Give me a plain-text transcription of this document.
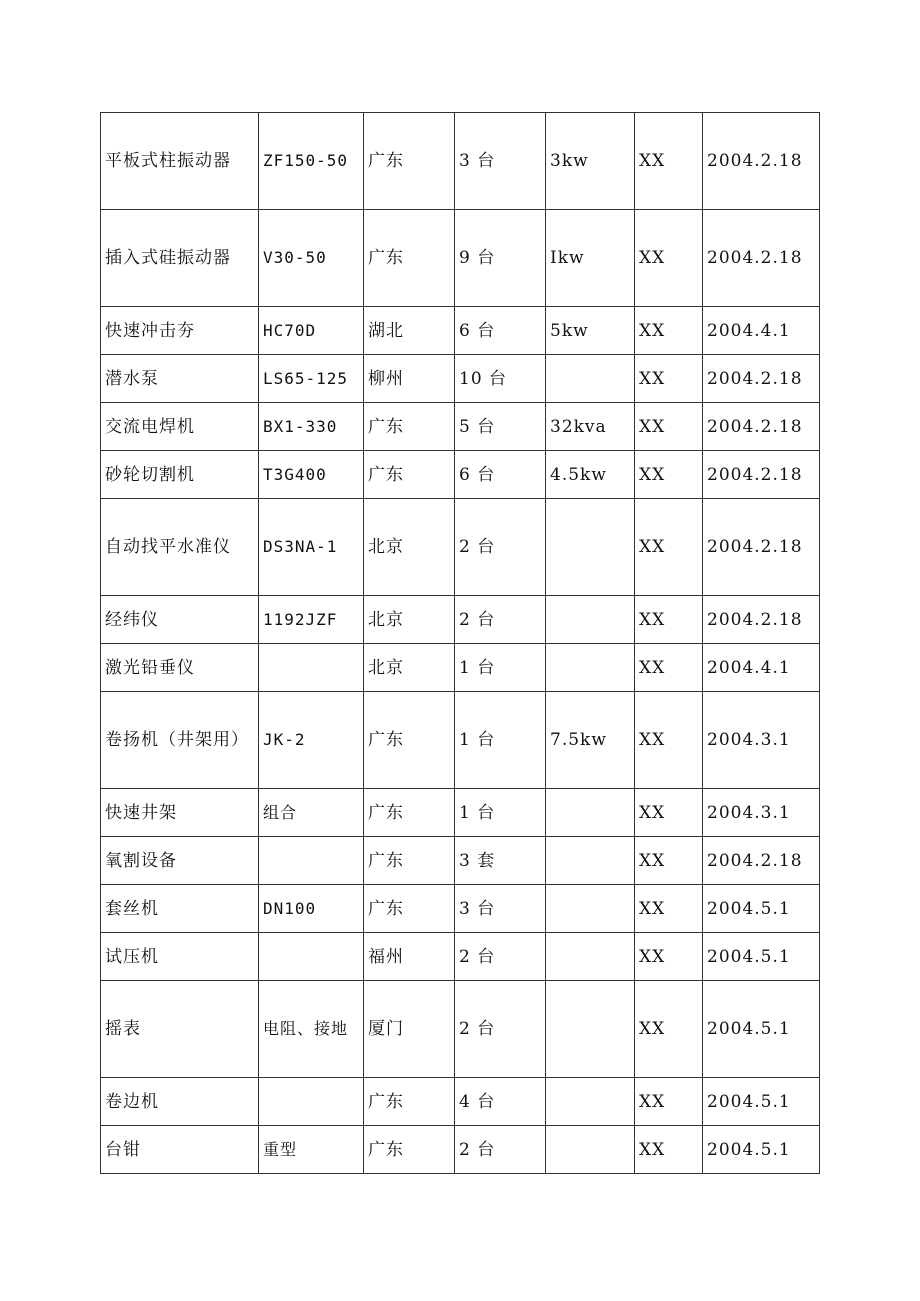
平板式柱振动器	ZF150-50	广东	3 台	3kw	XX	2004.2.18
插入式硅振动器	V30-50	广东	9 台	Ikw	XX	2004.2.18
快速冲击夯	HC70D	湖北	6 台	5kw	XX	2004.4.1
潜水泵	LS65-125	柳州	10 台		XX	2004.2.18
交流电焊机	BX1-330	广东	5 台	32kva	XX	2004.2.18
砂轮切割机	T3G400	广东	6 台	4.5kw	XX	2004.2.18
自动找平水准仪	DS3NA-1	北京	2 台		XX	2004.2.18
经纬仪	1192JZF	北京	2 台		XX	2004.2.18
激光铅垂仪		北京	1 台		XX	2004.4.1
卷扬机（井架用）	JK-2	广东	1 台	7.5kw	XX	2004.3.1
快速井架	组合	广东	1 台		XX	2004.3.1
氧割设备		广东	3 套		XX	2004.2.18
套丝机	DN100	广东	3 台		XX	2004.5.1
试压机		福州	2 台		XX	2004.5.1
摇表	电阻、接地	厦门	2 台		XX	2004.5.1
卷边机		广东	4 台		XX	2004.5.1
台钳	重型	广东	2 台		XX	2004.5.1
